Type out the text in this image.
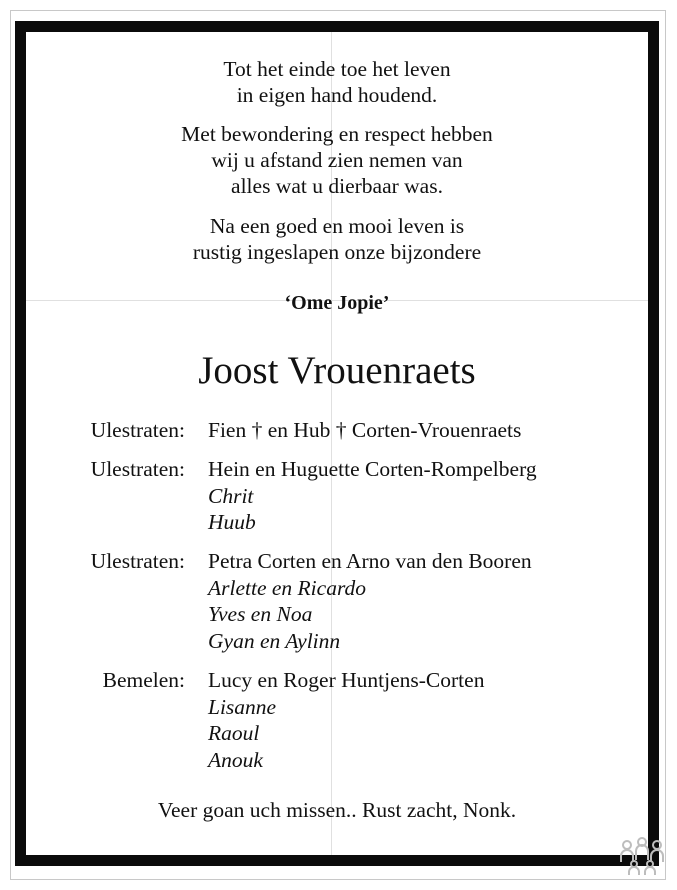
Tot het einde toe het leven
in eigen hand houdend.
Met bewondering en respect hebben
wij u afstand zien nemen van
alles wat u dierbaar was.
Na een goed en mooi leven is
rustig ingeslapen onze bijzondere
‘Ome Jopie’
Joost Vrouenraets
Ulestraten: Fien † en Hub † Corten-Vrouenraets
Ulestraten: Hein en Huguette Corten-Rompelberg
Chrit
Huub
Ulestraten: Petra Corten en Arno van den Booren
Arlette en Ricardo
Yves en Noa
Gyan en Aylinn
Bemelen: Lucy en Roger Huntjens-Corten
Lisanne
Raoul
Anouk
Veer goan uch missen.. Rust zacht, Nonk.
